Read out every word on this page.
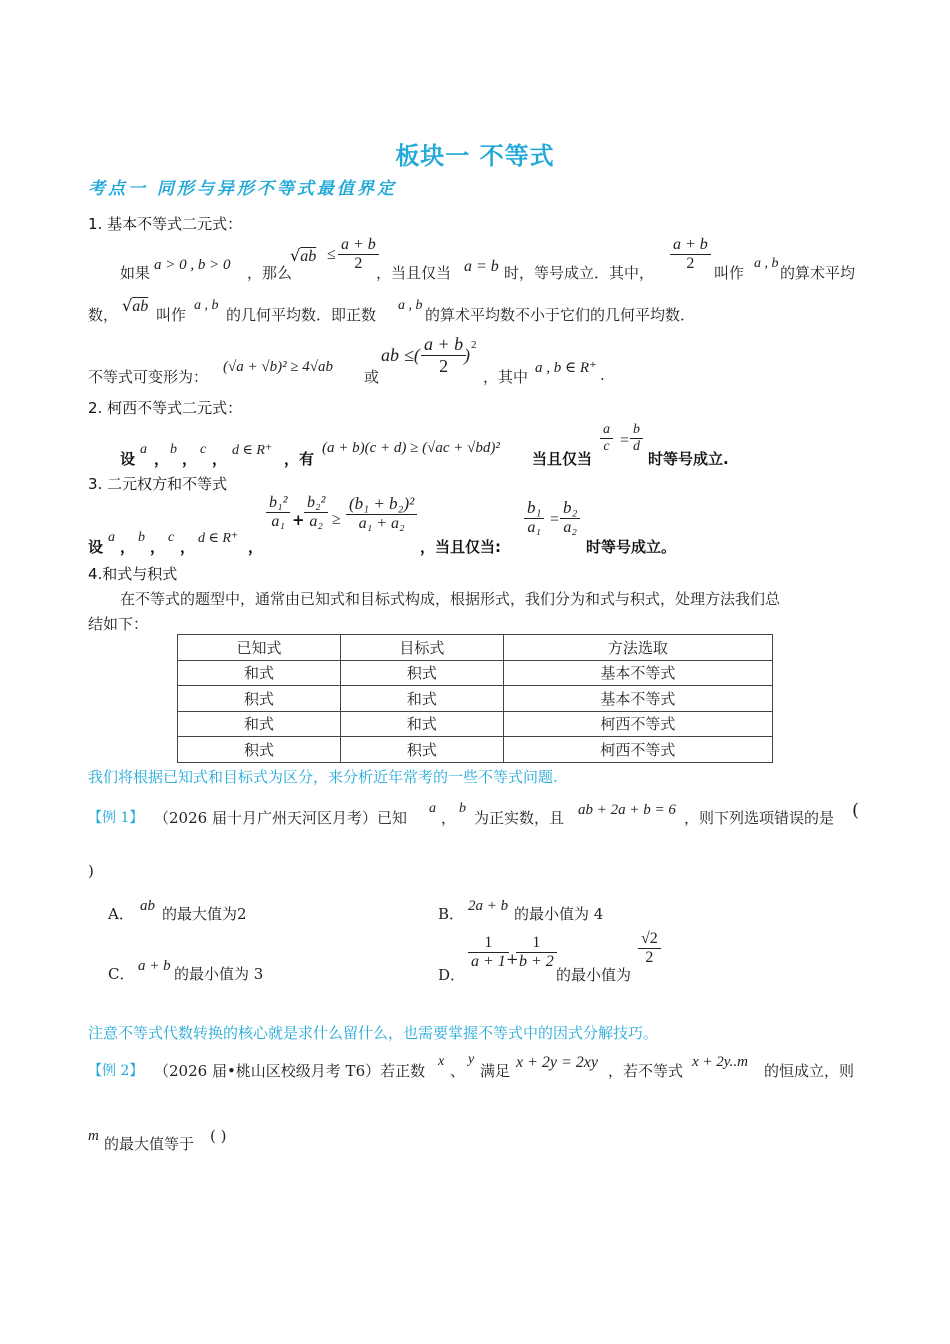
板块一 不等式
考点一 同形与异形不等式最值界定
1. 基本不等式二元式：
如果 a > 0 , b > 0 ，那么
$√ab \le \frac{a + b}{2}$
，当且仅当 a = b 时，等号成立．其中， $\frac{a + b}{2}$ 叫作
a , b
的算术平均
数， √ab 叫作
a , b
的几何平均数．即正数
a , b
的算术平均数不小于它们的几何平均数．
不等式可变形为：
(√a + √b)² ≥ 4√ab
或
ab ≤( $\frac{a + b}{2}$
) 2
，其中 a , b ∈ R⁺ .
2. 柯西不等式二元式：
设
a
，
b
，
c
， d ∈ R⁺ ，有
(a + b)(c + d) ≥ (√ac + √bd)²
当且仅当
$\frac{a}{c} = \frac{b}{d}$
时等号成立.
3. 二元权方和不等式
设
a
，
b
，
c
， d ∈ R⁺ ，
$\frac{\text{b₁²}}{\text{a₁}} + \frac{\text{b₂²}}{\text{a₂}} \ge \frac{\text{(b₁ + b₂)²}}{\text{a₁ + a₂}}$
，当且仅当:
$\frac{\text{b₁}}{\text{a₁}} = \frac{\text{b₂}}{\text{a₂}}$
时等号成立。
4.和式与积式
在不等式的题型中，通常由已知式和目标式构成，根据形式，我们分为和式与积式，处理方法我们总
结如下：
已知式	目标式	方法选取
和式	积式	基本不等式
积式	和式	基本不等式
和式	和式	柯西不等式
积式	积式	柯西不等式
我们将根据已知式和目标式为区分，来分析近年常考的一些不等式问题.
【例 1】 （2026 届十月广州天河区月考）已知
a
，
b
为正实数，且 ab + 2a + b = 6 ，则下列选项错误的是 (
)
A． ab 的最大值为2	B． 2a + b 的最小值为 4
C． a + b 的最小值为 3	D．
$\frac{1}{a + 1}$
+
$\frac{1}{b + 2}$
的最小值为
$\frac{√2}{2}$
注意不等式代数转换的核心就是求什么留什么，也需要掌握不等式中的因式分解技巧。
【例 2】 （2026 届•桃山区校级月考 T6）若正数
x
、
y
满足 x + 2y = 2xy ，若不等式 x + 2y..m 的恒成立，则
m 的最大值等于 ( )
